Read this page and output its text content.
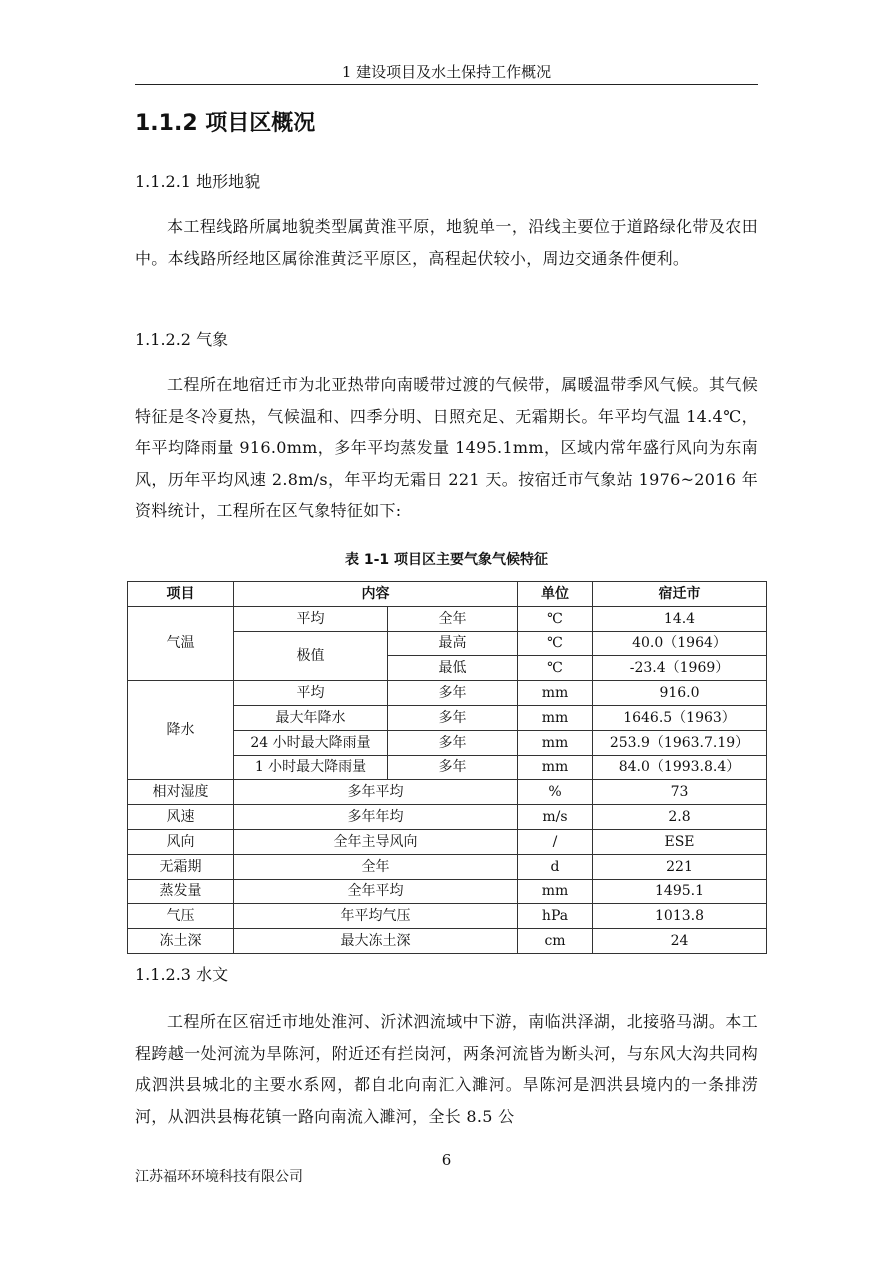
1 建设项目及水土保持工作概况
1.1.2 项目区概况
1.1.2.1 地形地貌

本工程线路所属地貌类型属黄淮平原，地貌单一，沿线主要位于道路绿化带及农田中。本线路所经地区属徐淮黄泛平原区，高程起伏较小，周边交通条件便利。

1.1.2.2 气象

工程所在地宿迁市为北亚热带向南暖带过渡的气候带，属暖温带季风气候。其气候特征是冬冷夏热，气候温和、四季分明、日照充足、无霜期长。年平均气温 14.4℃，年平均降雨量 916.0mm，多年平均蒸发量 1495.1mm，区域内常年盛行风向为东南风，历年平均风速 2.8m/s，年平均无霜日 221 天。按宿迁市气象站 1976~2016 年资料统计，工程所在区气象特征如下:

表 1-1 项目区主要气象气候特征
项目	内容		单位	宿迁市
气温	平均	全年	℃	14.4
	极值	最高	℃	40.0（1964）
		最低	℃	-23.4（1969）
降水	平均	多年	mm	916.0
	最大年降水	多年	mm	1646.5（1963）
	24 小时最大降雨量	多年	mm	253.9（1963.7.19）
	1 小时最大降雨量	多年	mm	84.0（1993.8.4）
相对湿度	多年平均		%	73
风速	多年年均		m/s	2.8
风向	全年主导风向		/	ESE
无霜期	全年		d	221
蒸发量	全年平均		mm	1495.1
气压	年平均气压		hPa	1013.8
冻土深	最大冻土深		cm	24
1.1.2.3 水文

工程所在区宿迁市地处淮河、沂沭泗流域中下游，南临洪泽湖，北接骆马湖。本工程跨越一处河流为旱陈河，附近还有拦岗河，两条河流皆为断头河，与东风大沟共同构成泗洪县城北的主要水系网，都自北向南汇入濉河。旱陈河是泗洪县境内的一条排涝河，从泗洪县梅花镇一路向南流入濉河，全长 8.5 公

6
江苏福环环境科技有限公司
